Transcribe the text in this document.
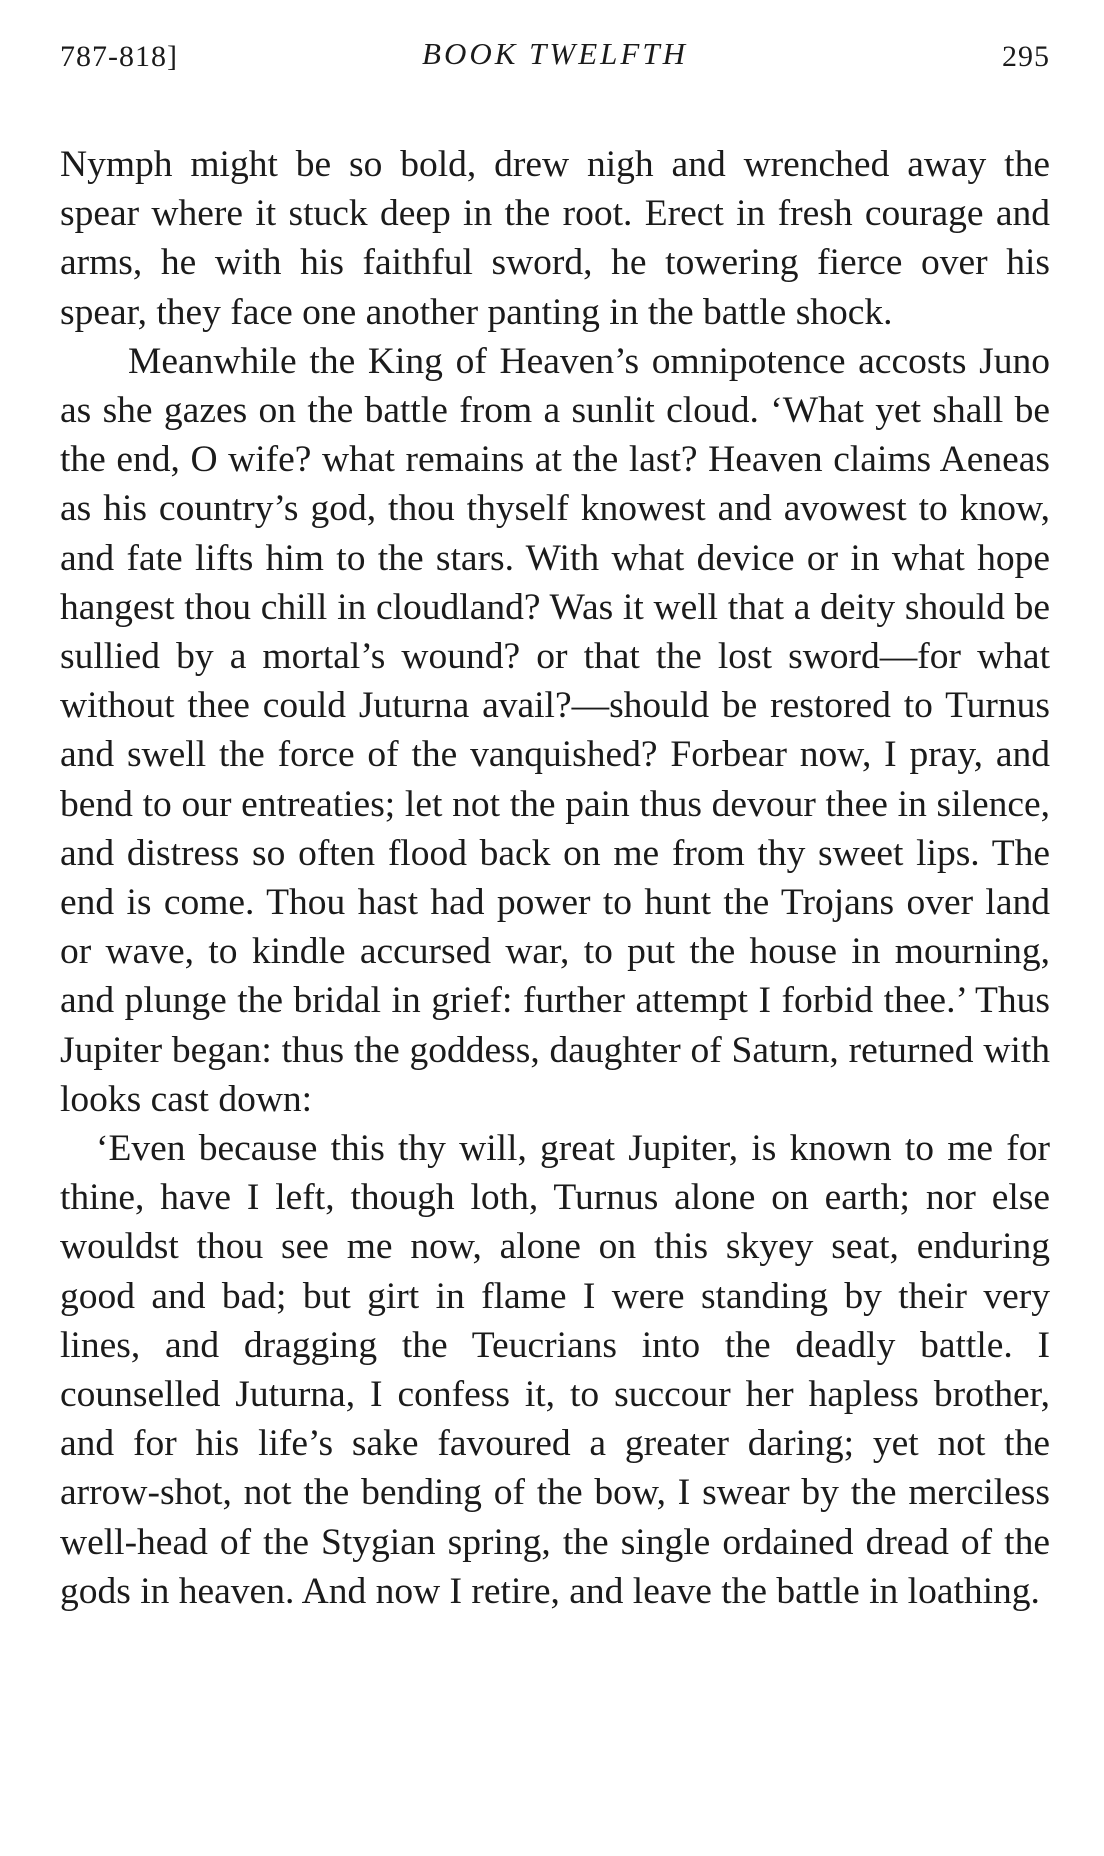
787-818]	BOOK TWELFTH	295

Nymph might be so bold, drew nigh and wrenched away the spear where it stuck deep in the root. Erect in fresh courage and arms, he with his faithful sword, he towering fierce over his spear, they face one another panting in the battle shock.

Meanwhile the King of Heaven’s omnipotence accosts Juno as she gazes on the battle from a sunlit cloud. ‘What yet shall be the end, O wife? what remains at the last? Heaven claims Aeneas as his country’s god, thou thyself knowest and avowest to know, and fate lifts him to the stars. With what device or in what hope hangest thou chill in cloudland? Was it well that a deity should be sullied by a mortal’s wound? or that the lost sword—for what without thee could Juturna avail?—should be restored to Turnus and swell the force of the vanquished? Forbear now, I pray, and bend to our entreaties; let not the pain thus devour thee in silence, and distress so often flood back on me from thy sweet lips. The end is come. Thou hast had power to hunt the Trojans over land or wave, to kindle accursed war, to put the house in mourning, and plunge the bridal in grief: further attempt I forbid thee.’ Thus Jupiter began: thus the goddess, daughter of Saturn, returned with looks cast down:

‘Even because this thy will, great Jupiter, is known to me for thine, have I left, though loth, Turnus alone on earth; nor else wouldst thou see me now, alone on this skyey seat, enduring good and bad; but girt in flame I were standing by their very lines, and dragging the Teucrians into the deadly battle. I counselled Juturna, I confess it, to succour her hapless brother, and for his life’s sake favoured a greater daring; yet not the arrow-shot, not the bending of the bow, I swear by the merciless well-head of the Stygian spring, the single ordained dread of the gods in heaven. And now I retire, and leave the battle in loathing.
